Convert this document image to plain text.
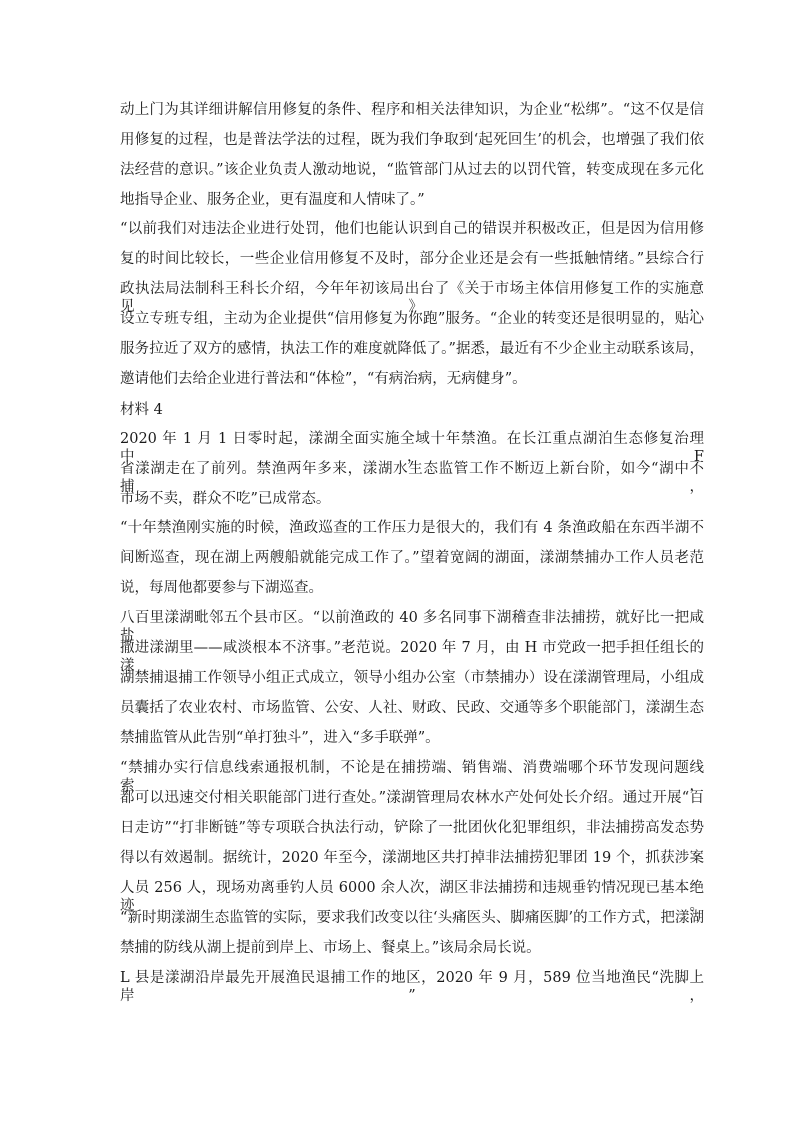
动上门为其详细讲解信用修复的条件、程序和相关法律知识，为企业“松绑”。“这不仅是信
用修复的过程，也是普法学法的过程，既为我们争取到‘起死回生’的机会，也增强了我们依
法经营的意识。”该企业负责人激动地说，“监管部门从过去的以罚代管，转变成现在多元化
地指导企业、服务企业，更有温度和人情味了。”
“以前我们对违法企业进行处罚，他们也能认识到自己的错误并积极改正，但是因为信用修
复的时间比较长，一些企业信用修复不及时，部分企业还是会有一些抵触情绪。”县综合行
政执法局法制科王科长介绍，今年年初该局出台了《关于市场主体信用修复工作的实施意见》，
设立专班专组，主动为企业提供“信用修复为你跑”服务。“企业的转变还是很明显的，贴心
服务拉近了双方的感情，执法工作的难度就降低了。”据悉，最近有不少企业主动联系该局，
邀请他们去给企业进行普法和“体检”，“有病治病，无病健身”。
材料 4
2020 年 1 月 1 日零时起，漾湖全面实施全域十年禁渔。在长江重点湖泊生态修复治理中，F
省漾湖走在了前列。禁渔两年多来，漾湖水生态监管工作不断迈上新台阶，如今“湖中不捕，
市场不卖，群众不吃”已成常态。
“十年禁渔刚实施的时候，渔政巡查的工作压力是很大的，我们有 4 条渔政船在东西半湖不
间断巡查，现在湖上两艘船就能完成工作了。”望着宽阔的湖面，漾湖禁捕办工作人员老范
说，每周他都要参与下湖巡查。
八百里漾湖毗邻五个县市区。“以前渔政的 40 多名同事下湖稽查非法捕捞，就好比一把咸盐
撒进漾湖里——咸淡根本不济事。”老范说。2020 年 7 月，由 H 市党政一把手担任组长的漾
湖禁捕退捕工作领导小组正式成立，领导小组办公室（市禁捕办）设在漾湖管理局，小组成
员囊括了农业农村、市场监管、公安、人社、财政、民政、交通等多个职能部门，漾湖生态
禁捕监管从此告别“单打独斗”，进入“多手联弹”。
“禁捕办实行信息线索通报机制，不论是在捕捞端、销售端、消费端哪个环节发现问题线索，
都可以迅速交付相关职能部门进行查处。”漾湖管理局农林水产处何处长介绍。通过开展“百
日走访”“打非断链”等专项联合执法行动，铲除了一批团伙化犯罪组织，非法捕捞高发态势
得以有效遏制。据统计，2020 年至今，漾湖地区共打掉非法捕捞犯罪团 19 个，抓获涉案
人员 256 人，现场劝离垂钓人员 6000 余人次，湖区非法捕捞和违规垂钓情况现已基本绝迹。
“新时期漾湖生态监管的实际，要求我们改变以往‘头痛医头、脚痛医脚’的工作方式，把漾湖
禁捕的防线从湖上提前到岸上、市场上、餐桌上。”该局余局长说。
L 县是漾湖沿岸最先开展渔民退捕工作的地区，2020 年 9 月，589 位当地渔民“洗脚上岸”，
